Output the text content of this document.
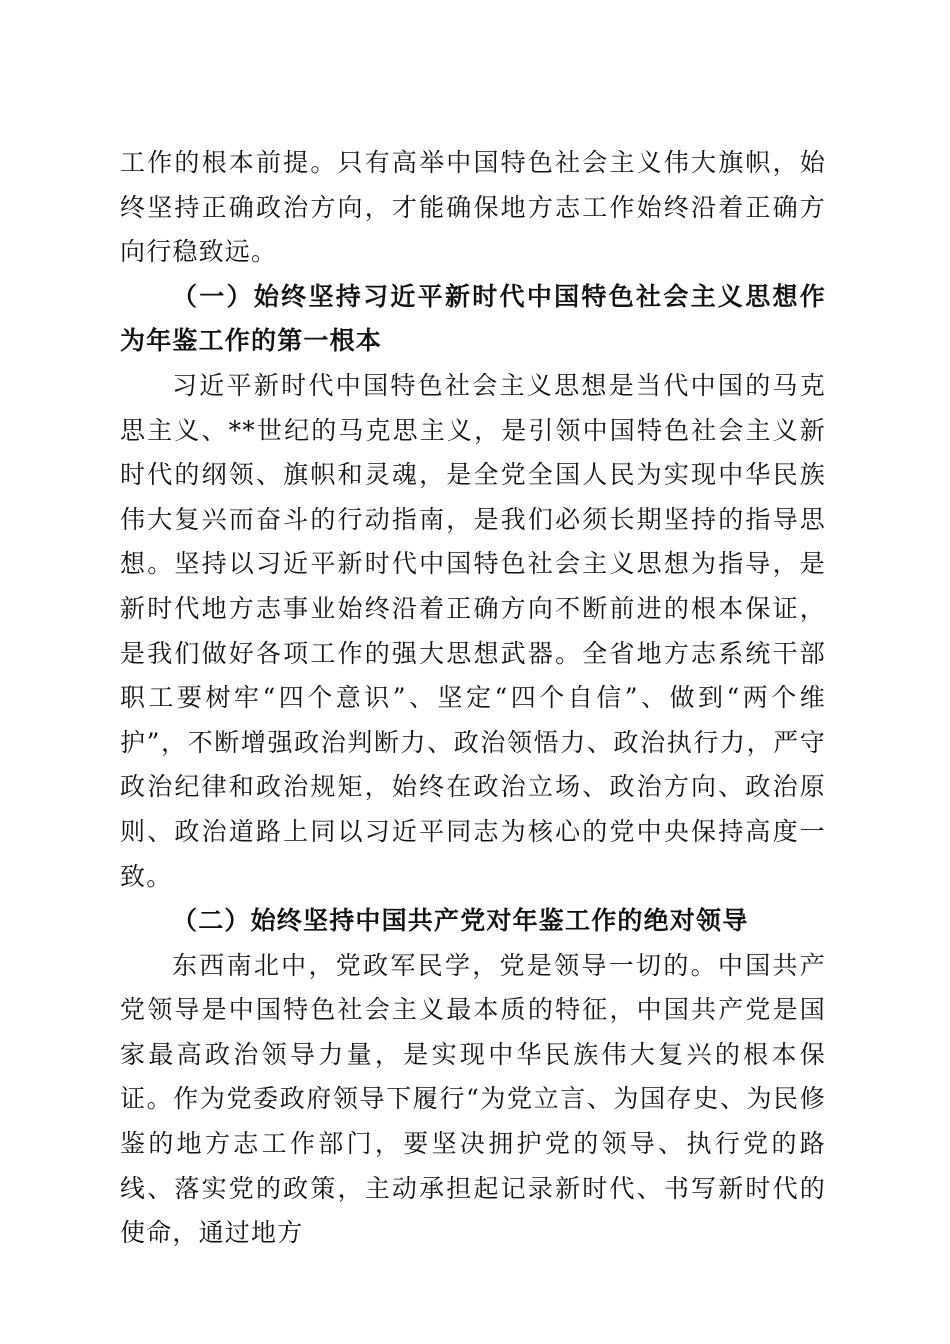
工作的根本前提。只有高举中国特色社会主义伟大旗帜，始终坚持正确政治方向，才能确保地方志工作始终沿着正确方向行稳致远。

（一）始终坚持习近平新时代中国特色社会主义思想作为年鉴工作的第一根本

习近平新时代中国特色社会主义思想是当代中国的马克思主义、**世纪的马克思主义，是引领中国特色社会主义新时代的纲领、旗帜和灵魂，是全党全国人民为实现中华民族伟大复兴而奋斗的行动指南，是我们必须长期坚持的指导思想。坚持以习近平新时代中国特色社会主义思想为指导，是新时代地方志事业始终沿着正确方向不断前进的根本保证，是我们做好各项工作的强大思想武器。全省地方志系统干部职工要树牢“四个意识”、坚定“四个自信”、做到“两个维护”，不断增强政治判断力、政治领悟力、政治执行力，严守政治纪律和政治规矩，始终在政治立场、政治方向、政治原则、政治道路上同以习近平同志为核心的党中央保持高度一致。

（二）始终坚持中国共产党对年鉴工作的绝对领导

东西南北中，党政军民学，党是领导一切的。中国共产党领导是中国特色社会主义最本质的特征，中国共产党是国家最高政治领导力量，是实现中华民族伟大复兴的根本保证。作为党委政府领导下履行“为党立言、为国存史、为民修鉴的地方志工作部门，要坚决拥护党的领导、执行党的路线、落实党的政策，主动承担起记录新时代、书写新时代的使命，通过地方
